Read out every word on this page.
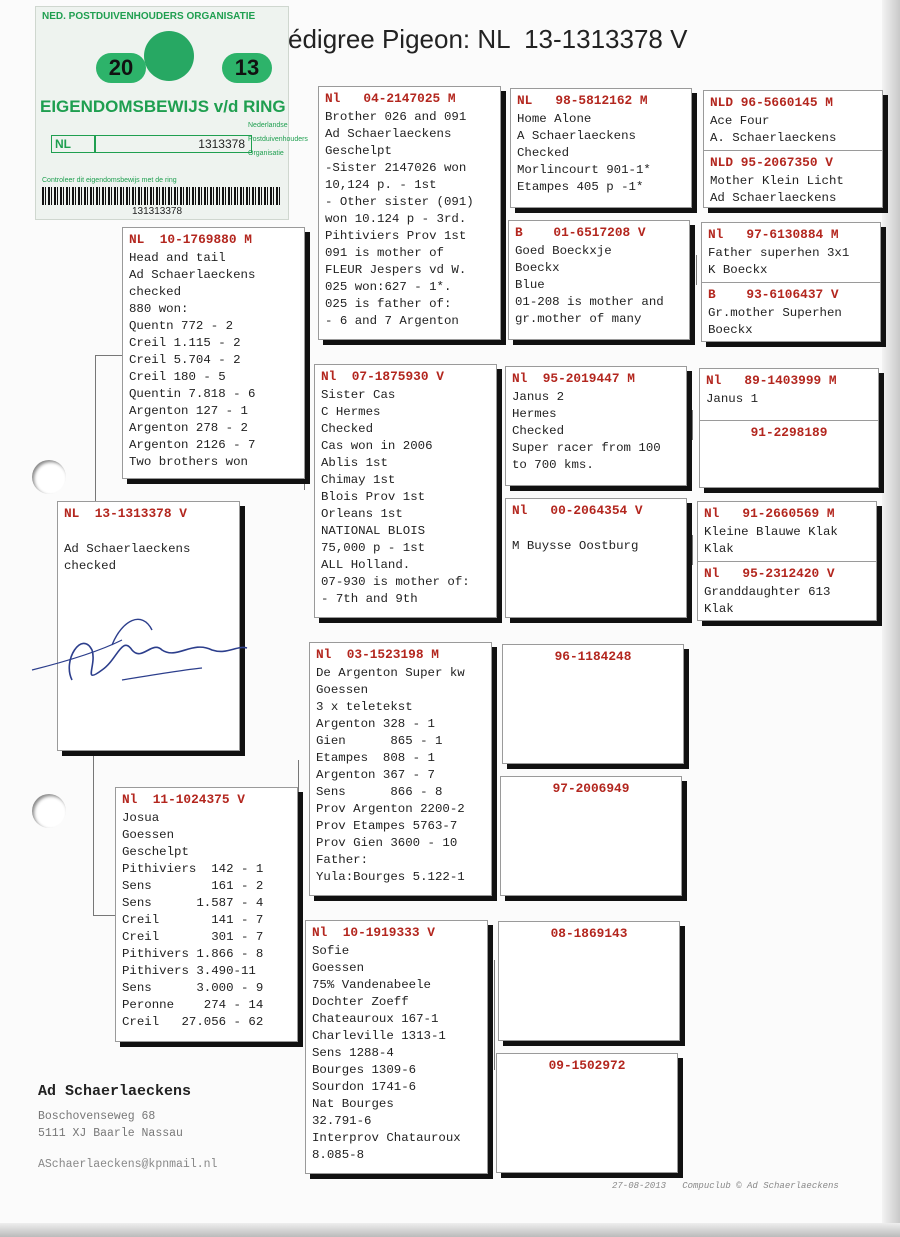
NED. POSTDUIVENHOUDERS ORGANISATIE
20	13
EIGENDOMSBEWIJS v/d RING
NL	1313378
Nederlandse
Postduivenhouders
Organisatie
Controleer dit eigendomsbewijs met de ring
131313378
édigree Pigeon: NL  13-1313378 V
NL  13-1313378 V

Ad Schaerlaeckens
checked
NL  10-1769880 M
Head and tail
Ad Schaerlaeckens
checked
880 won:
Quentn 772 - 2
Creil 1.115 - 2
Creil 5.704 - 2
Creil 180 - 5
Quentin 7.818 - 6
Argenton 127 - 1
Argenton 278 - 2
Argenton 2126 - 7
Two brothers won
Nl  11-1024375 V
Josua
Goessen
Geschelpt
Pithiviers  142 - 1
Sens        161 - 2
Sens      1.587 - 4
Creil       141 - 7
Creil       301 - 7
Pithivers 1.866 - 8
Pithivers 3.490-11
Sens      3.000 - 9
Peronne    274 - 14
Creil   27.056 - 62
Nl   04-2147025 M
Brother 026 and 091
Ad Schaerlaeckens
Geschelpt
-Sister 2147026 won
10,124 p. - 1st
- Other sister (091)
won 10.124 p - 3rd.
Pihtiviers Prov 1st
091 is mother of
FLEUR Jespers vd W.
025 won:627 - 1*.
025 is father of:
- 6 and 7 Argenton
Nl  07-1875930 V
Sister Cas
C Hermes
Checked
Cas won in 2006
Ablis 1st
Chimay 1st
Blois Prov 1st
Orleans 1st
NATIONAL BLOIS
75,000 p - 1st
ALL Holland.
07-930 is mother of:
- 7th and 9th
Nl  03-1523198 M
De Argenton Super kw
Goessen
3 x teletekst
Argenton 328 - 1
Gien      865 - 1
Etampes  808 - 1
Argenton 367 - 7
Sens      866 - 8
Prov Argenton 2200-2
Prov Etampes 5763-7
Prov Gien 3600 - 10
Father:
Yula:Bourges 5.122-1
Nl  10-1919333 V
Sofie
Goessen
75% Vandenabeele
Dochter Zoeff
Chateauroux 167-1
Charleville 1313-1
Sens 1288-4
Bourges 1309-6
Sourdon 1741-6
Nat Bourges
32.791-6
Interprov Chatauroux
8.085-8
NL   98-5812162 M
Home Alone
A Schaerlaeckens
Checked
Morlincourt 901-1*
Etampes 405 p -1*
B    01-6517208 V
Goed Boeckxje
Boeckx
Blue
01-208 is mother and
gr.mother of many
Nl  95-2019447 M
Janus 2
Hermes
Checked
Super racer from 100
to 700 kms.
Nl   00-2064354 V

M Buysse Oostburg
96-1184248
97-2006949
08-1869143
09-1502972
NLD 96-5660145 M
Ace Four
A. Schaerlaeckens
NLD 95-2067350 V
Mother Klein Licht
Ad Schaerlaeckens
Nl   97-6130884 M
Father superhen 3x1
K Boeckx
B    93-6106437 V
Gr.mother Superhen
Boeckx
Nl   89-1403999 M
Janus 1
91-2298189
Nl   91-2660569 M
Kleine Blauwe Klak
Klak
Nl   95-2312420 V
Granddaughter 613
Klak
Ad Schaerlaeckens
Boschovenseweg 68
5111 XJ Baarle Nassau
ASchaerlaeckens@kpnmail.nl
27-08-2013   Compuclub © Ad Schaerlaeckens
